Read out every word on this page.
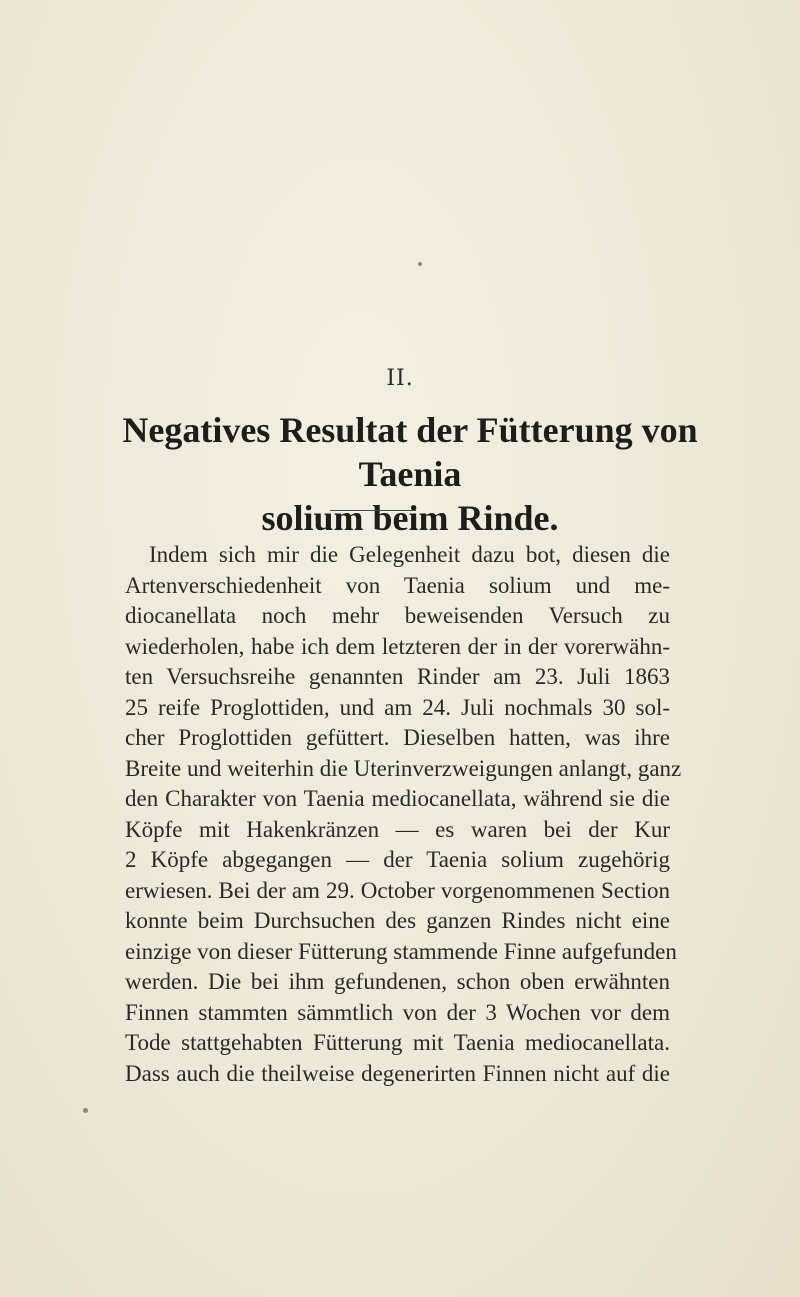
II.
Negatives Resultat der Fütterung von Taenia
solium beim Rinde.
Indem sich mir die Gelegenheit dazu bot, diesen die
Artenverschiedenheit von Taenia solium und me-
diocanellata noch mehr beweisenden Versuch zu
wiederholen, habe ich dem letzteren der in der vorerwähn-
ten Versuchsreihe genannten Rinder am 23. Juli 1863
25 reife Proglottiden, und am 24. Juli nochmals 30 sol-
cher Proglottiden gefüttert. Dieselben hatten, was ihre
Breite und weiterhin die Uterinverzweigungen anlangt, ganz
den Charakter von Taenia mediocanellata, während sie die
Köpfe mit Hakenkränzen — es waren bei der Kur
2 Köpfe abgegangen — der Taenia solium zugehörig
erwiesen. Bei der am 29. October vorgenommenen Section
konnte beim Durchsuchen des ganzen Rindes nicht eine
einzige von dieser Fütterung stammende Finne aufgefunden
werden. Die bei ihm gefundenen, schon oben erwähnten
Finnen stammten sämmtlich von der 3 Wochen vor dem
Tode stattgehabten Fütterung mit Taenia mediocanellata.
Dass auch die theilweise degenerirten Finnen nicht auf die
